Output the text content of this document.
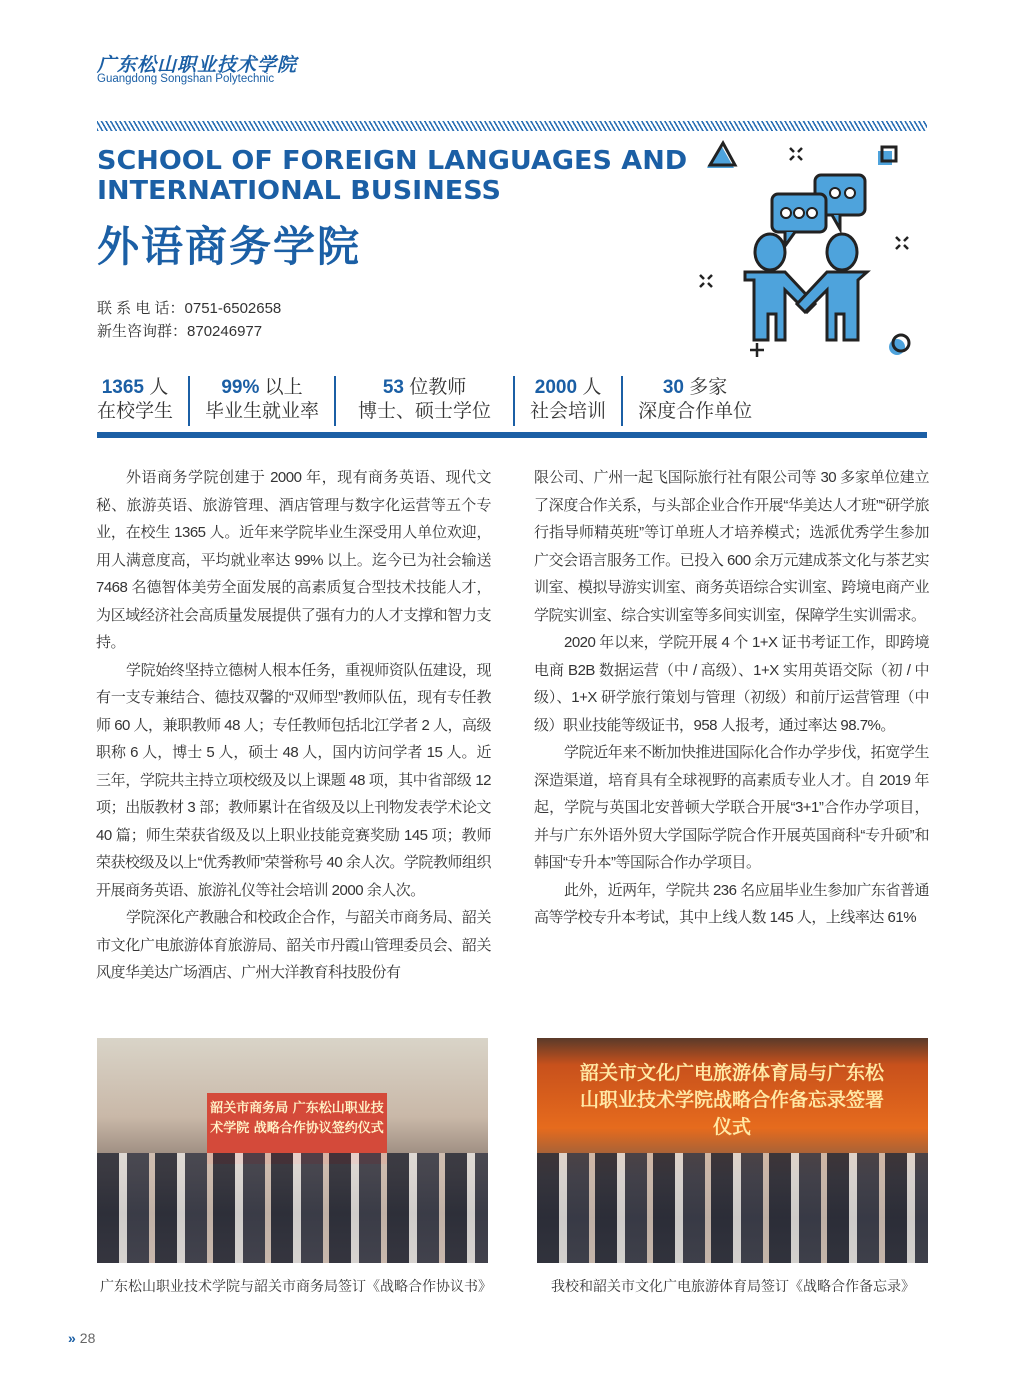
广东松山职业技术学院
Guangdong Songshan Polytechnic
SCHOOL OF FOREIGN LANGUAGES AND
INTERNATIONAL BUSINESS
外语商务学院
联 系 电 话：0751-6502658
新生咨询群：870246977
1365 人
在校学生
99% 以上
毕业生就业率
53 位教师
博士、硕士学位
2000 人
社会培训
30 多家
深度合作单位

外语商务学院创建于 2000 年，现有商务英语、现代文秘、旅游英语、旅游管理、酒店管理与数字化运营等五个专业，在校生 1365 人。近年来学院毕业生深受用人单位欢迎，用人满意度高，平均就业率达 99% 以上。迄今已为社会输送 7468 名德智体美劳全面发展的高素质复合型技术技能人才，为区域经济社会高质量发展提供了强有力的人才支撑和智力支持。

学院始终坚持立德树人根本任务，重视师资队伍建设，现有一支专兼结合、德技双馨的“双师型”教师队伍，现有专任教师 60 人，兼职教师 48 人；专任教师包括北江学者 2 人，高级职称 6 人，博士 5 人，硕士 48 人，国内访问学者 15 人。近三年，学院共主持立项校级及以上课题 48 项，其中省部级 12 项；出版教材 3 部；教师累计在省级及以上刊物发表学术论文 40 篇；师生荣获省级及以上职业技能竞赛奖励 145 项；教师荣获校级及以上“优秀教师”荣誉称号 40 余人次。学院教师组织开展商务英语、旅游礼仪等社会培训 2000 余人次。

学院深化产教融合和校政企合作，与韶关市商务局、韶关市文化广电旅游体育旅游局、韶关市丹霞山管理委员会、韶关风度华美达广场酒店、广州大洋教育科技股份有

限公司、广州一起飞国际旅行社有限公司等 30 多家单位建立了深度合作关系，与头部企业合作开展“华美达人才班”“研学旅行指导师精英班”等订单班人才培养模式；选派优秀学生参加广交会语言服务工作。已投入 600 余万元建成茶文化与茶艺实训室、模拟导游实训室、商务英语综合实训室、跨境电商产业学院实训室、综合实训室等多间实训室，保障学生实训需求。

2020 年以来，学院开展 4 个 1+X 证书考证工作，即跨境电商 B2B 数据运营（中 / 高级）、1+X 实用英语交际（初 / 中级）、1+X 研学旅行策划与管理（初级）和前厅运营管理（中级）职业技能等级证书，958 人报考，通过率达 98.7%。

学院近年来不断加快推进国际化合作办学步伐，拓宽学生深造渠道，培育具有全球视野的高素质专业人才。自 2019 年起，学院与英国北安普顿大学联合开展“3+1”合作办学项目，并与广东外语外贸大学国际学院合作开展英国商科“专升硕”和韩国“专升本”等国际合作办学项目。

此外，近两年，学院共 236 名应届毕业生参加广东省普通高等学校专升本考试，其中上线人数 145 人，上线率达 61%

韶关市商务局 广东松山职业技术学院 战略合作协议签约仪式
韶关市文化广电旅游体育局与广东松山职业技术学院战略合作备忘录签署仪式
广东松山职业技术学院与韶关市商务局签订《战略合作协议书》	我校和韶关市文化广电旅游体育局签订《战略合作备忘录》
» 28
